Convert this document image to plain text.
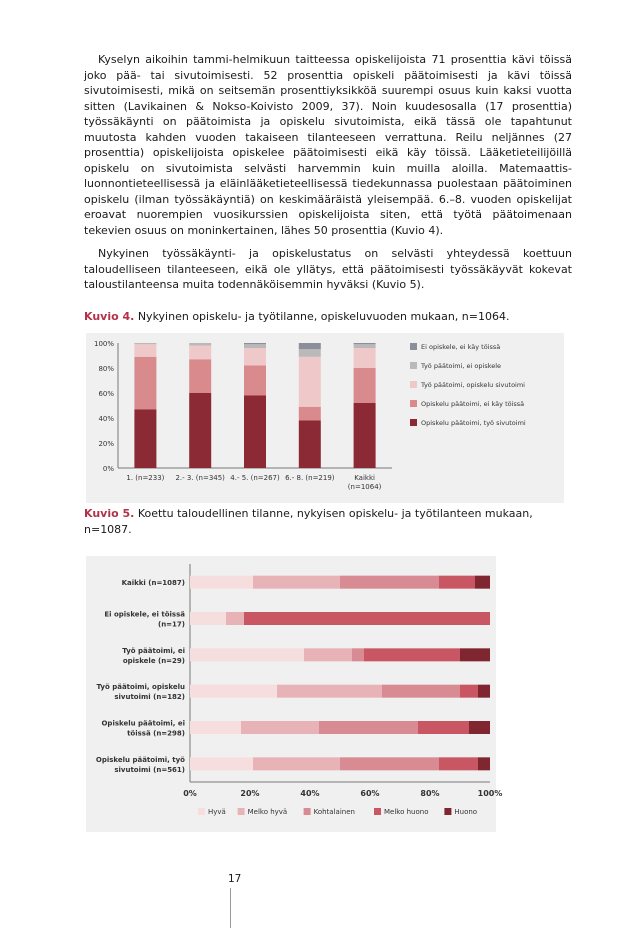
Kyselyn aikoihin tammi-helmikuun taitteessa opiskelijoista 71 prosenttia kävi töissä joko pää- tai sivutoimisesti. 52 prosenttia opiskeli päätoimisesti ja kävi töissä sivutoimisesti, mikä on seitsemän prosenttiyksikköä suurempi osuus kuin kaksi vuotta sitten (Lavikainen & Nokso-Koivisto 2009, 37). Noin kuudesosalla (17 prosenttia) työssäkäynti on päätoimista ja opiskelu sivutoimista, eikä tässä ole tapahtunut muutosta kahden vuoden takaiseen tilanteeseen verrattuna. Reilu neljännes (27 prosenttia) opiskelijoista opiskelee päätoimisesti eikä käy töissä. Lääketieteilijöillä opiskelu on sivutoimista selvästi harvemmin kuin muilla aloilla. Matemaattis-luonnontieteellisessä ja eläinlääketieteellisessä tiedekunnassa puolestaan päätoiminen opiskelu (ilman työssäkäyntiä) on keskimääräistä yleisempää. 6.–8. vuoden opiskelijat eroavat nuorempien vuosikurssien opiskelijoista siten, että työtä päätoimenaan tekevien osuus on moninkertainen, lähes 50 prosenttia (Kuvio 4).
Nykyinen työssäkäynti- ja opiskelustatus on selvästi yhteydessä koettuun taloudelliseen tilanteeseen, eikä ole yllätys, että päätoimisesti työssäkäyvät kokevat taloustilanteensa muita todennäköisemmin hyväksi (Kuvio 5).
Kuvio 4. Nykyinen opiskelu- ja työtilanne, opiskeluvuoden mukaan, n=1064.
0%
20%
40%
60%
80%
100%
1. (n=233) 2.- 3. (n=345) 4.- 5. (n=267) 6.- 8. (n=219)	Kaikki
(n=1064)
Ei opiskele, ei käy töissä
Työ päätoimi, ei opiskele
Työ päätoimi, opiskelu sivutoimi
Opiskelu päätoimi, ei käy töissä
Opiskelu päätoimi, työ sivutoimi
Kuvio 5. Koettu taloudellinen tilanne, nykyisen opiskelu- ja työtilanteen mukaan, n=1087.
0%	20%	40%	60%	80%	100%
Kaikki (n=1087)
Ei opiskele, ei töissä
(n=17)
Työ päätoimi, ei
opiskele (n=29)
Työ päätoimi, opiskelu
sivutoimi (n=182)
Opiskelu päätoimi, ei
töissä (n=298)
Opiskelu päätoimi, työ
sivutoimi (n=561)
Hyvä	Melko hyvä	Kohtalainen	Melko huono	Huono
17
